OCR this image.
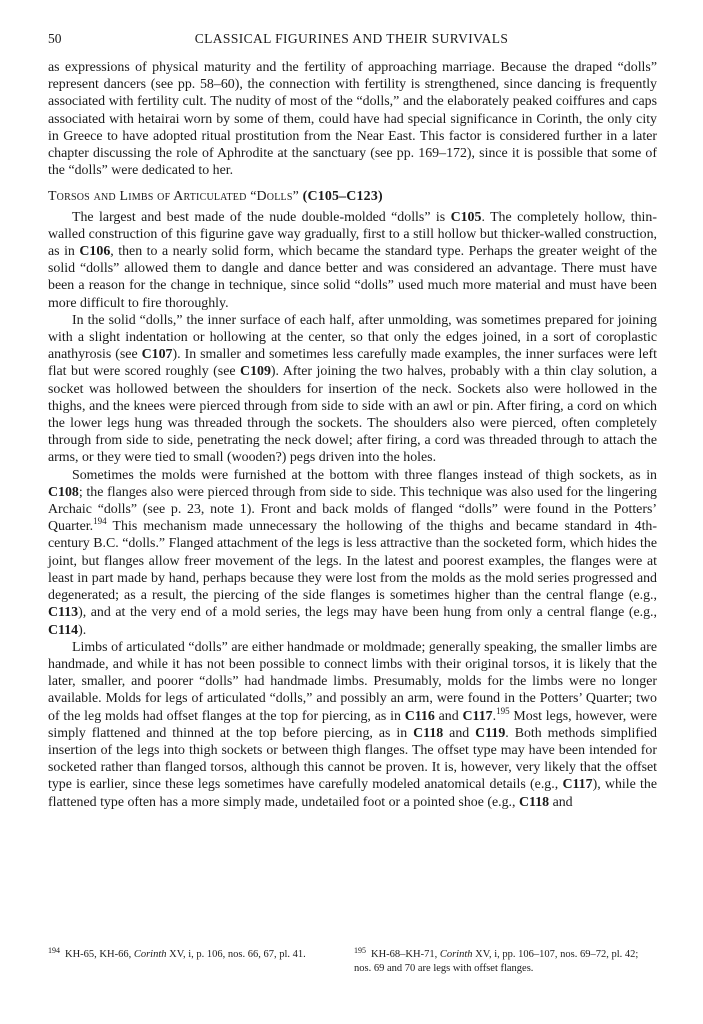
50	CLASSICAL FIGURINES AND THEIR SURVIVALS

as expressions of physical maturity and the fertility of approaching marriage. Because the draped “dolls” represent dancers (see pp. 58–60), the connection with fertility is strengthened, since dancing is frequently associated with fertility cult. The nudity of most of the “dolls,” and the elaborately peaked coiffures and caps associated with hetairai worn by some of them, could have had special significance in Corinth, the only city in Greece to have adopted ritual prostitution from the Near East. This factor is considered further in a later chapter discussing the role of Aphrodite at the sanctuary (see pp. 169–172), since it is possible that some of the “dolls” were dedicated to her.

Torsos and Limbs of Articulated “Dolls” (C105–C123)

The largest and best made of the nude double-molded “dolls” is C105. The completely hollow, thin-walled construction of this figurine gave way gradually, first to a still hollow but thicker-walled construction, as in C106, then to a nearly solid form, which became the standard type. Perhaps the greater weight of the solid “dolls” allowed them to dangle and dance better and was considered an advantage. There must have been a reason for the change in technique, since solid “dolls” used much more material and must have been more difficult to fire thoroughly.

In the solid “dolls,” the inner surface of each half, after unmolding, was sometimes prepared for joining with a slight indentation or hollowing at the center, so that only the edges joined, in a sort of coroplastic anathyrosis (see C107). In smaller and sometimes less carefully made examples, the inner surfaces were left flat but were scored roughly (see C109). After joining the two halves, probably with a thin clay solution, a socket was hollowed between the shoulders for insertion of the neck. Sockets also were hollowed in the thighs, and the knees were pierced through from side to side with an awl or pin. After firing, a cord on which the lower legs hung was threaded through the sockets. The shoulders also were pierced, often completely through from side to side, penetrating the neck dowel; after firing, a cord was threaded through to attach the arms, or they were tied to small (wooden?) pegs driven into the holes.

Sometimes the molds were furnished at the bottom with three flanges instead of thigh sockets, as in C108; the flanges also were pierced through from side to side. This technique was also used for the lingering Archaic “dolls” (see p. 23, note 1). Front and back molds of flanged “dolls” were found in the Potters’ Quarter.$^{194}$ This mechanism made unnecessary the hollowing of the thighs and became standard in 4th-century B.C. “dolls.” Flanged attachment of the legs is less attractive than the socketed form, which hides the joint, but flanges allow freer movement of the legs. In the latest and poorest examples, the flanges were at least in part made by hand, perhaps because they were lost from the molds as the mold series progressed and degenerated; as a result, the piercing of the side flanges is sometimes higher than the central flange (e.g., C113), and at the very end of a mold series, the legs may have been hung from only a central flange (e.g., C114).

Limbs of articulated “dolls” are either handmade or moldmade; generally speaking, the smaller limbs are handmade, and while it has not been possible to connect limbs with their original torsos, it is likely that the later, smaller, and poorer “dolls” had handmade limbs. Presumably, molds for the limbs were no longer available. Molds for legs of articulated “dolls,” and possibly an arm, were found in the Potters’ Quarter; two of the leg molds had offset flanges at the top for piercing, as in C116 and C117.$^{195}$ Most legs, however, were simply flattened and thinned at the top before piercing, as in C118 and C119. Both methods simplified insertion of the legs into thigh sockets or between thigh flanges. The offset type may have been intended for socketed rather than flanged torsos, although this cannot be proven. It is, however, very likely that the offset type is earlier, since these legs sometimes have carefully modeled anatomical details (e.g., C117), while the flattened type often has a more simply made, undetailed foot or a pointed shoe (e.g., C118 and

$^{194}$ KH-65, KH-66, Corinth XV, i, p. 106, nos. 66, 67, pl. 41.	$^{195}$ KH-68–KH-71, Corinth XV, i, pp. 106–107, nos. 69–72, pl. 42; nos. 69 and 70 are legs with offset flanges.
